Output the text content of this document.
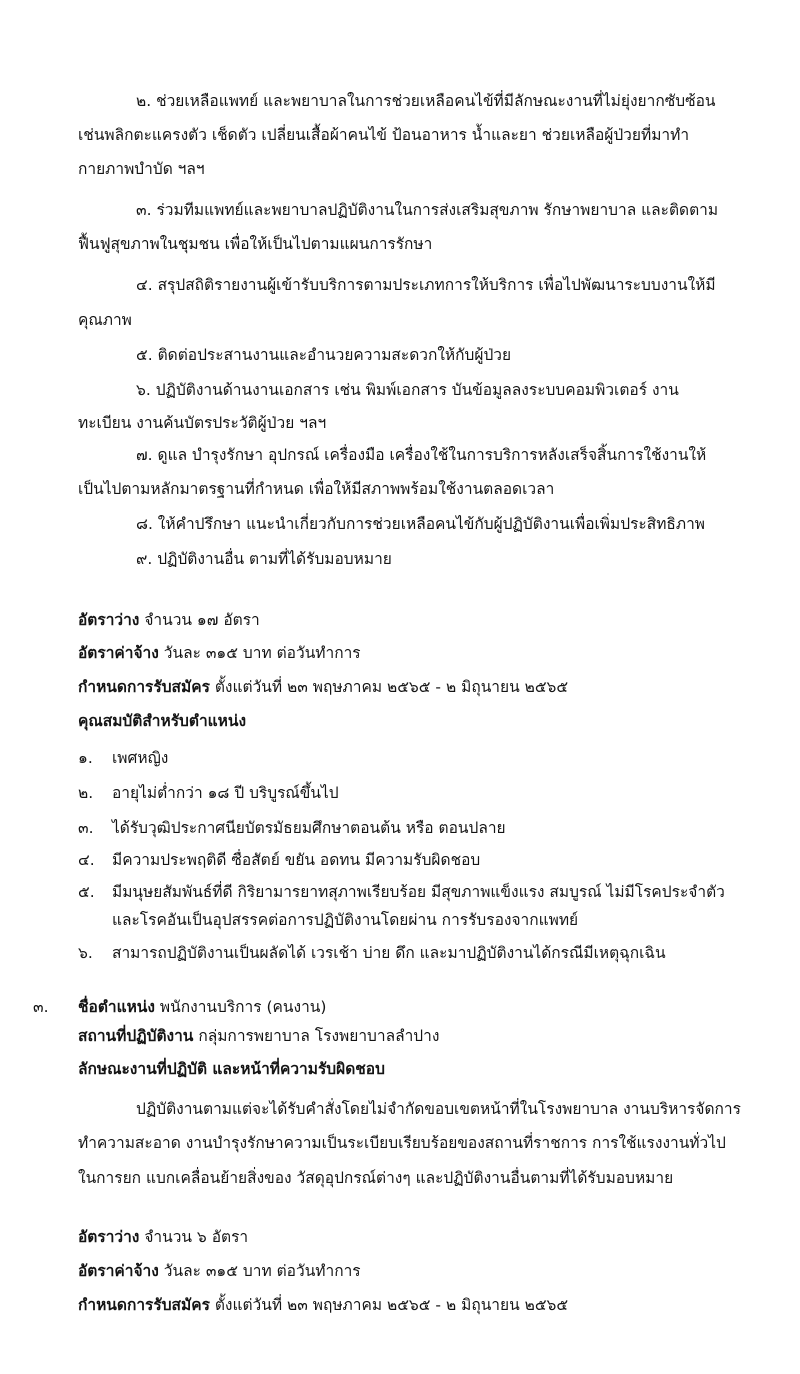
๒. ช่วยเหลือแพทย์ และพยาบาลในการช่วยเหลือคนไข้ที่มีลักษณะงานที่ไม่ยุ่งยากซับซ้อน
เช่นพลิกตะแครงตัว เช็ดตัว เปลี่ยนเสื้อผ้าคนไข้ ป้อนอาหาร น้ำและยา ช่วยเหลือผู้ป่วยที่มาทำ
กายภาพบำบัด ฯลฯ
๓. ร่วมทีมแพทย์และพยาบาลปฏิบัติงานในการส่งเสริมสุขภาพ รักษาพยาบาล และติดตาม
ฟื้นฟูสุขภาพในชุมชน เพื่อให้เป็นไปตามแผนการรักษา
๔. สรุปสถิติรายงานผู้เข้ารับบริการตามประเภทการให้บริการ เพื่อไปพัฒนาระบบงานให้มี
คุณภาพ
๕. ติดต่อประสานงานและอำนวยความสะดวกให้กับผู้ป่วย
๖. ปฏิบัติงานด้านงานเอกสาร เช่น พิมพ์เอกสาร บันข้อมูลลงระบบคอมพิวเตอร์ งาน
ทะเบียน งานค้นบัตรประวัติผู้ป่วย ฯลฯ
๗. ดูแล บำรุงรักษา อุปกรณ์ เครื่องมือ เครื่องใช้ในการบริการหลังเสร็จสิ้นการใช้งานให้
เป็นไปตามหลักมาตรฐานที่กำหนด เพื่อให้มีสภาพพร้อมใช้งานตลอดเวลา
๘. ให้คำปรึกษา แนะนำเกี่ยวกับการช่วยเหลือคนไข้กับผู้ปฏิบัติงานเพื่อเพิ่มประสิทธิภาพ
๙. ปฏิบัติงานอื่น ตามที่ได้รับมอบหมาย
อัตราว่าง จำนวน ๑๗ อัตรา
อัตราค่าจ้าง วันละ ๓๑๕ บาท ต่อวันทำการ
กำหนดการรับสมัคร ตั้งแต่วันที่ ๒๓ พฤษภาคม ๒๕๖๕ - ๒ มิถุนายน ๒๕๖๕
คุณสมบัติสำหรับตำแหน่ง
๑. เพศหญิง
๒. อายุไม่ต่ำกว่า ๑๘ ปี บริบูรณ์ขึ้นไป
๓. ได้รับวุฒิประกาศนียบัตรมัธยมศึกษาตอนต้น หรือ ตอนปลาย
๔. มีความประพฤติดี ซื่อสัตย์ ขยัน อดทน มีความรับผิดชอบ
๕. มีมนุษยสัมพันธ์ที่ดี กิริยามารยาทสุภาพเรียบร้อย มีสุขภาพแข็งแรง สมบูรณ์ ไม่มีโรคประจำตัว
และโรคอันเป็นอุปสรรคต่อการปฏิบัติงานโดยผ่าน การรับรองจากแพทย์
๖. สามารถปฏิบัติงานเป็นผลัดได้ เวรเช้า บ่าย ดึก และมาปฏิบัติงานได้กรณีมีเหตุฉุกเฉิน
๓. ชื่อตำแหน่ง พนักงานบริการ (คนงาน)
สถานที่ปฏิบัติงาน กลุ่มการพยาบาล โรงพยาบาลลำปาง
ลักษณะงานที่ปฏิบัติ และหน้าที่ความรับผิดชอบ
ปฏิบัติงานตามแต่จะได้รับคำสั่งโดยไม่จำกัดขอบเขตหน้าที่ในโรงพยาบาล งานบริหารจัดการ
ทำความสะอาด งานบำรุงรักษาความเป็นระเบียบเรียบร้อยของสถานที่ราชการ การใช้แรงงานทั่วไป
ในการยก แบกเคลื่อนย้ายสิ่งของ วัสดุอุปกรณ์ต่างๆ และปฏิบัติงานอื่นตามที่ได้รับมอบหมาย
อัตราว่าง จำนวน ๖ อัตรา
อัตราค่าจ้าง วันละ ๓๑๕ บาท ต่อวันทำการ
กำหนดการรับสมัคร ตั้งแต่วันที่ ๒๓ พฤษภาคม ๒๕๖๕ - ๒ มิถุนายน ๒๕๖๕
